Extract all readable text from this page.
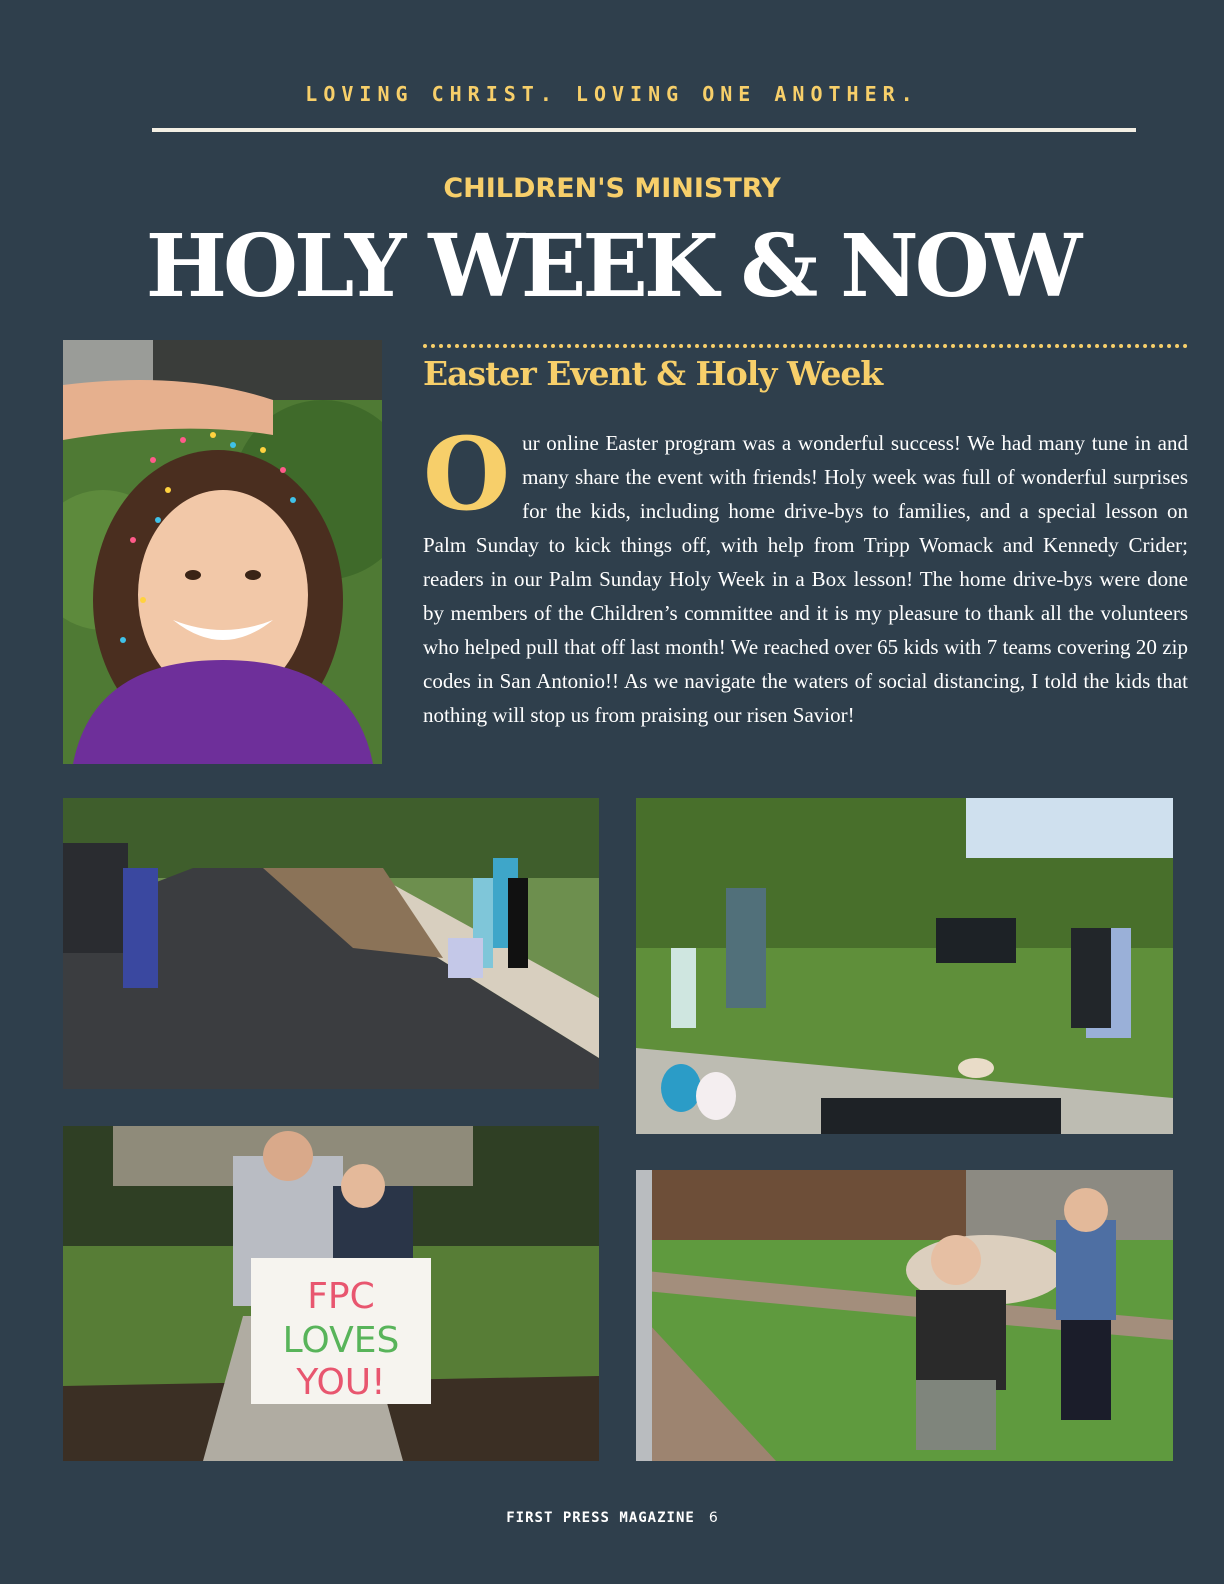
LOVING CHRIST. LOVING ONE ANOTHER.
CHILDREN'S MINISTRY
HOLY WEEK & NOW
Easter Event & Holy Week
Our online Easter program was a wonderful success! We had many tune in and many share the event with friends! Holy week was full of wonderful surprises for the kids, including home drive-bys to families, and a special lesson on Palm Sunday to kick things off, with help from Tripp Womack and Kennedy Crider; readers in our Palm Sunday Holy Week in a Box lesson! The home drive-bys were done by members of the Children’s committee and it is my pleasure to thank all the volunteers who helped pull that off last month! We reached over 65 kids with 7 teams covering 20 zip codes in San Antonio!! As we navigate the waters of social distancing, I told the kids that nothing will stop us from praising our risen Savior!
FPC
LOVES
YOU!
FIRST PRESS MAGAZINE 6
